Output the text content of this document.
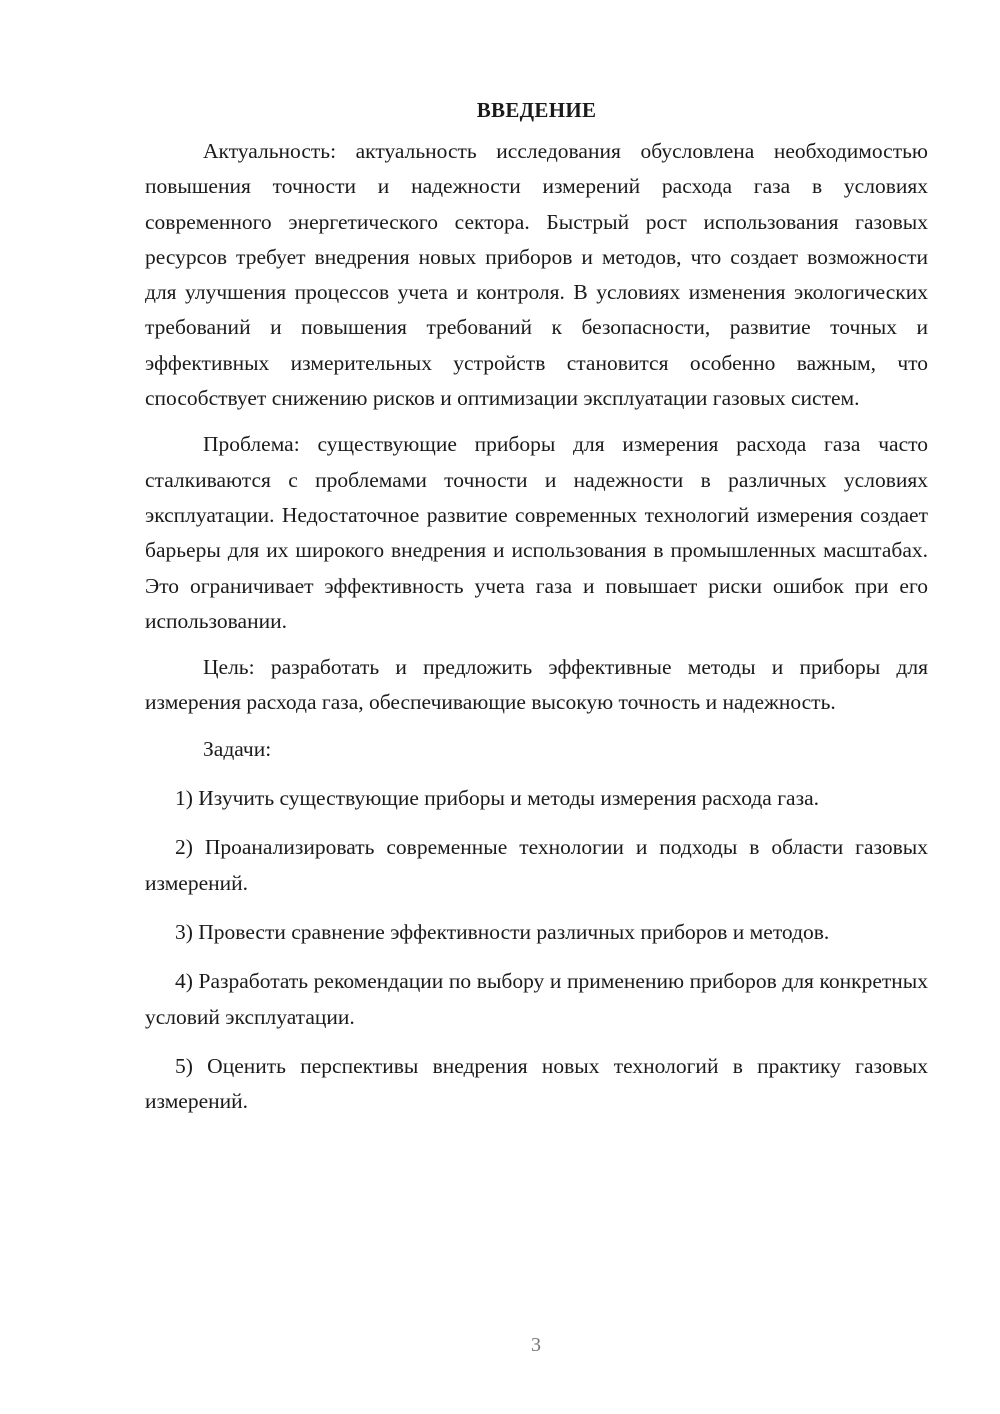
ВВЕДЕНИЕ

Актуальность: актуальность исследования обусловлена необходимостью повышения точности и надежности измерений расхода газа в условиях современного энергетического сектора. Быстрый рост использования газовых ресурсов требует внедрения новых приборов и методов, что создает возможности для улучшения процессов учета и контроля. В условиях изменения экологических требований и повышения требований к безопасности, развитие точных и эффективных измерительных устройств становится особенно важным, что способствует снижению рисков и оптимизации эксплуатации газовых систем.

Проблема: существующие приборы для измерения расхода газа часто сталкиваются с проблемами точности и надежности в различных условиях эксплуатации. Недостаточное развитие современных технологий измерения создает барьеры для их широкого внедрения и использования в промышленных масштабах. Это ограничивает эффективность учета газа и повышает риски ошибок при его использовании.

Цель: разработать и предложить эффективные методы и приборы для измерения расхода газа, обеспечивающие высокую точность и надежность.

Задачи:

1) Изучить существующие приборы и методы измерения расхода газа.

2) Проанализировать современные технологии и подходы в области газовых измерений.

3) Провести сравнение эффективности различных приборов и методов.

4) Разработать рекомендации по выбору и применению приборов для конкретных условий эксплуатации.

5) Оценить перспективы внедрения новых технологий в практику газовых измерений.

3
